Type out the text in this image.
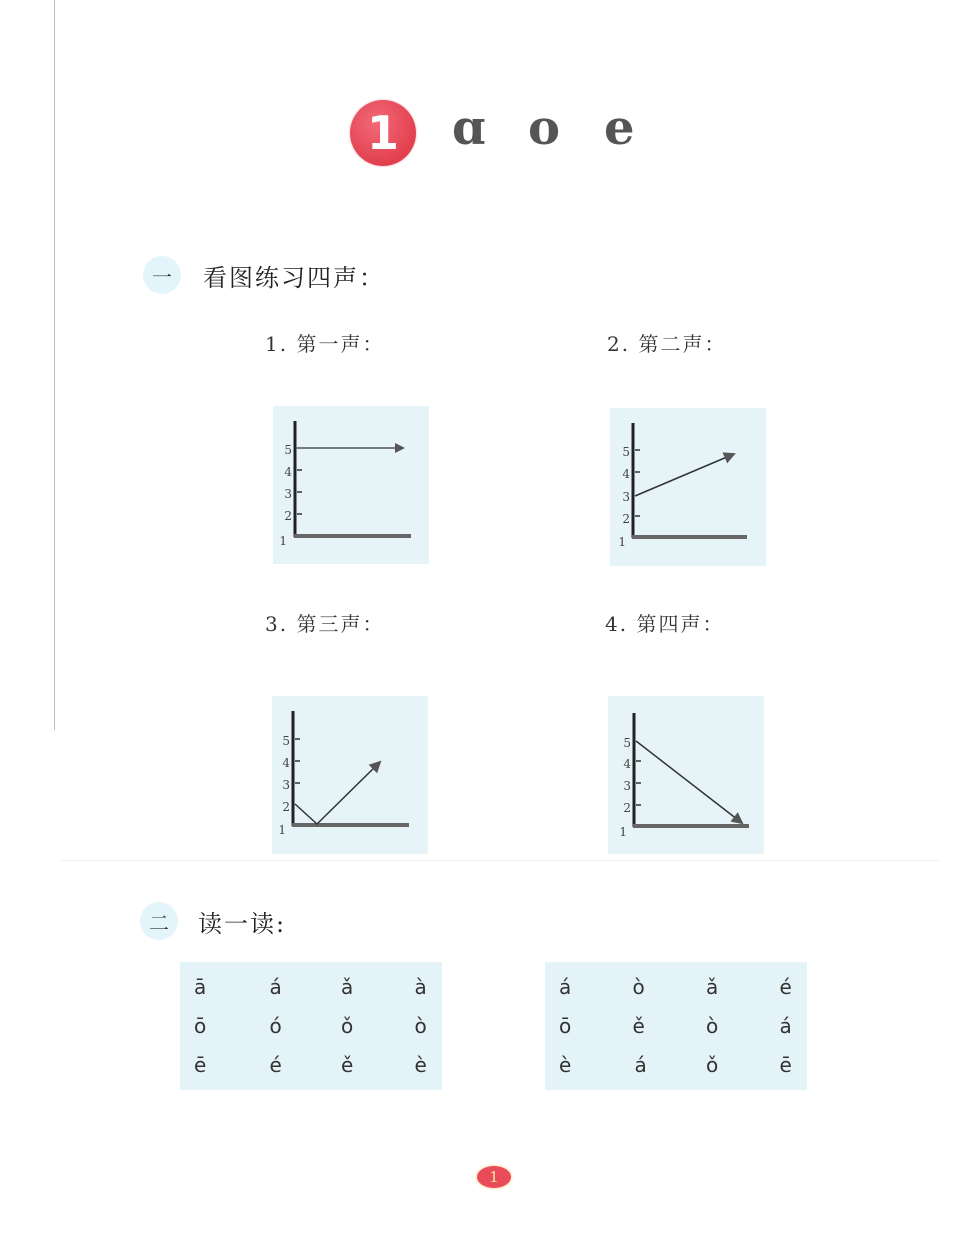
1	ɑ o e
一	看图练习四声：
1. 第一声：	2. 第二声：
3. 第三声：	4. 第四声：
5
4
3
2
1
5
4
3
2
1
5
4
3
2
1
5
4
3
2
1
二	读一读:
ā	á	ǎ	à
ō	ó	ǒ	ò
ē	é	ě	è
á	ò	ǎ	é
ō	ě	ò	á
è	á	ǒ	ē
1
